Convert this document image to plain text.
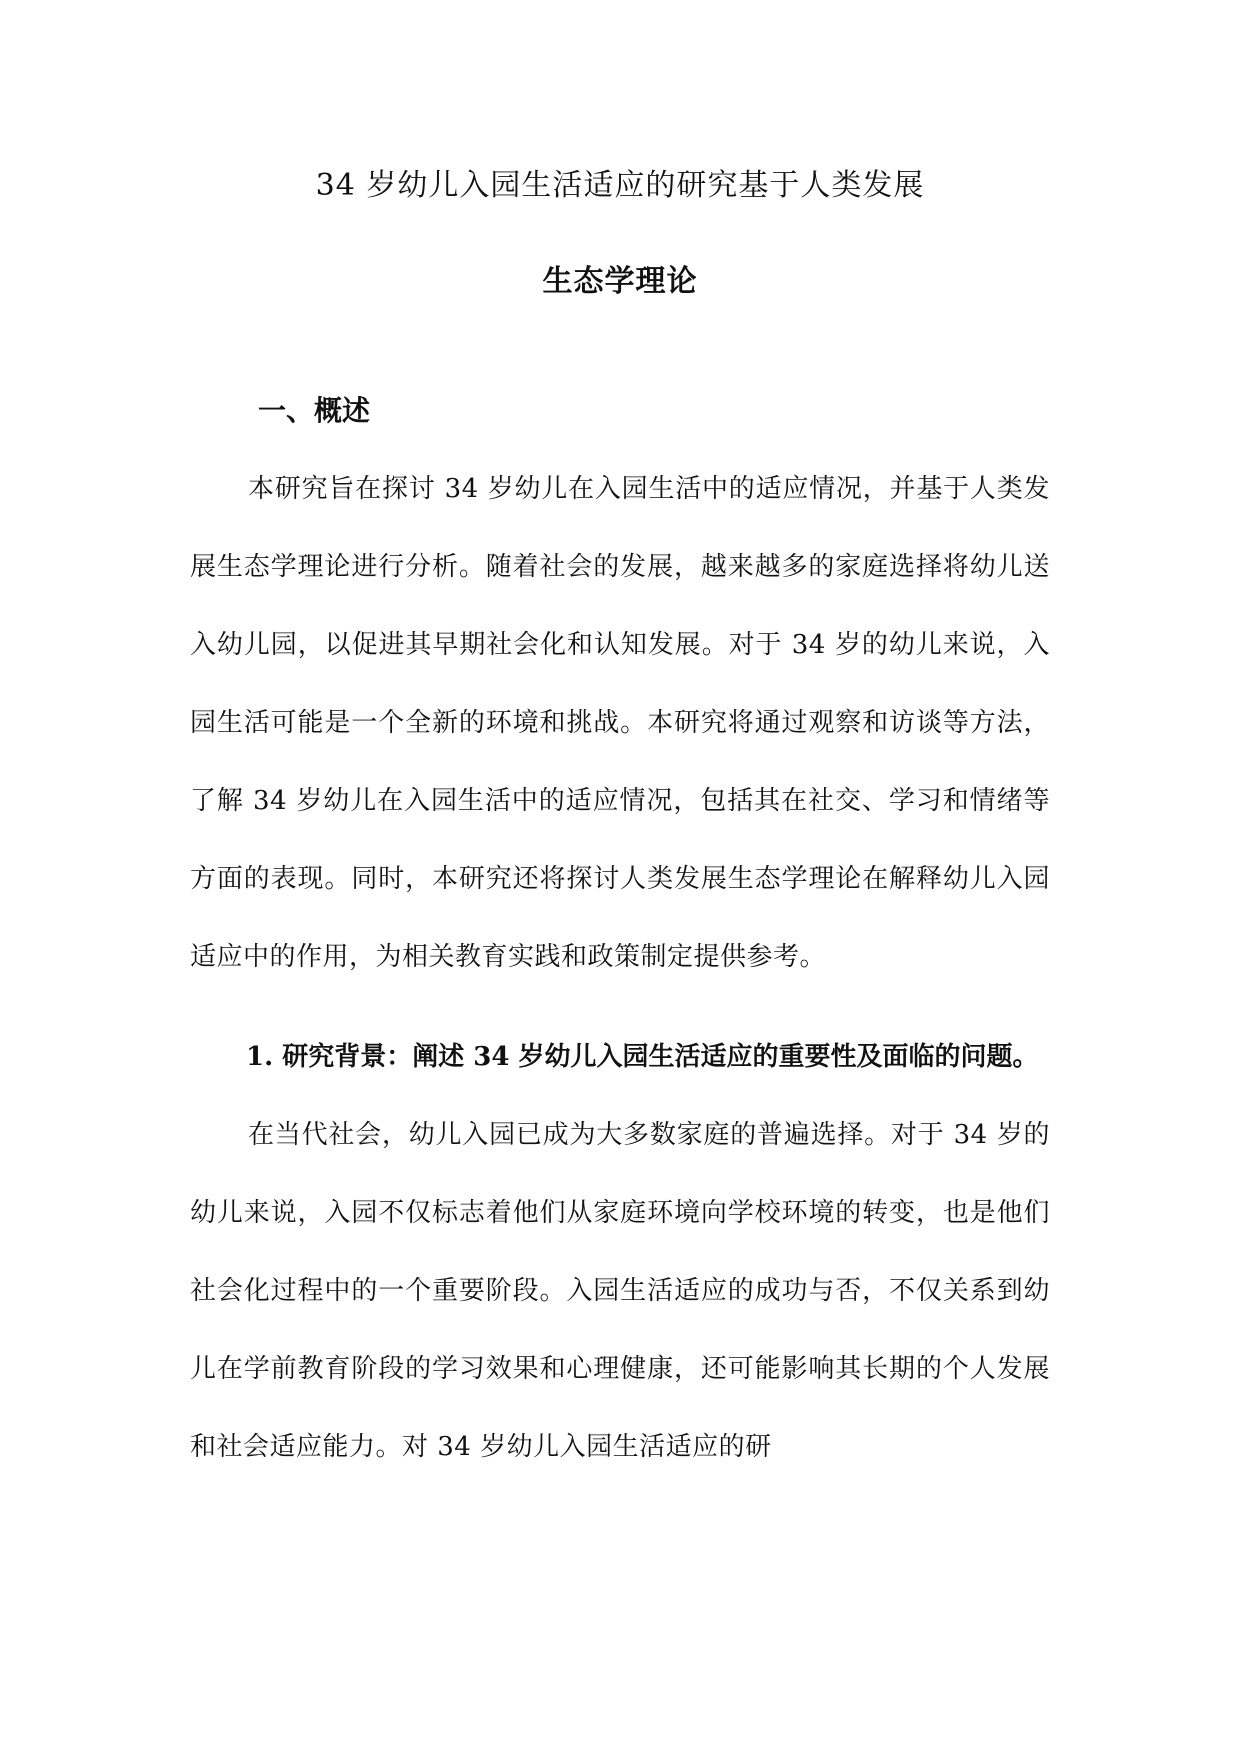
34 岁幼儿入园生活适应的研究基于人类发展
生态学理论
一、概述

本研究旨在探讨 34 岁幼儿在入园生活中的适应情况，并基于人类发展生态学理论进行分析。随着社会的发展，越来越多的家庭选择将幼儿送入幼儿园，以促进其早期社会化和认知发展。对于 34 岁的幼儿来说，入园生活可能是一个全新的环境和挑战。本研究将通过观察和访谈等方法，了解 34 岁幼儿在入园生活中的适应情况，包括其在社交、学习和情绪等方面的表现。同时，本研究还将探讨人类发展生态学理论在解释幼儿入园适应中的作用，为相关教育实践和政策制定提供参考。

1. 研究背景：阐述 34 岁幼儿入园生活适应的重要性及面临的问题。

在当代社会，幼儿入园已成为大多数家庭的普遍选择。对于 34 岁的幼儿来说，入园不仅标志着他们从家庭环境向学校环境的转变，也是他们社会化过程中的一个重要阶段。入园生活适应的成功与否，不仅关系到幼儿在学前教育阶段的学习效果和心理健康，还可能影响其长期的个人发展和社会适应能力。对 34 岁幼儿入园生活适应的研
